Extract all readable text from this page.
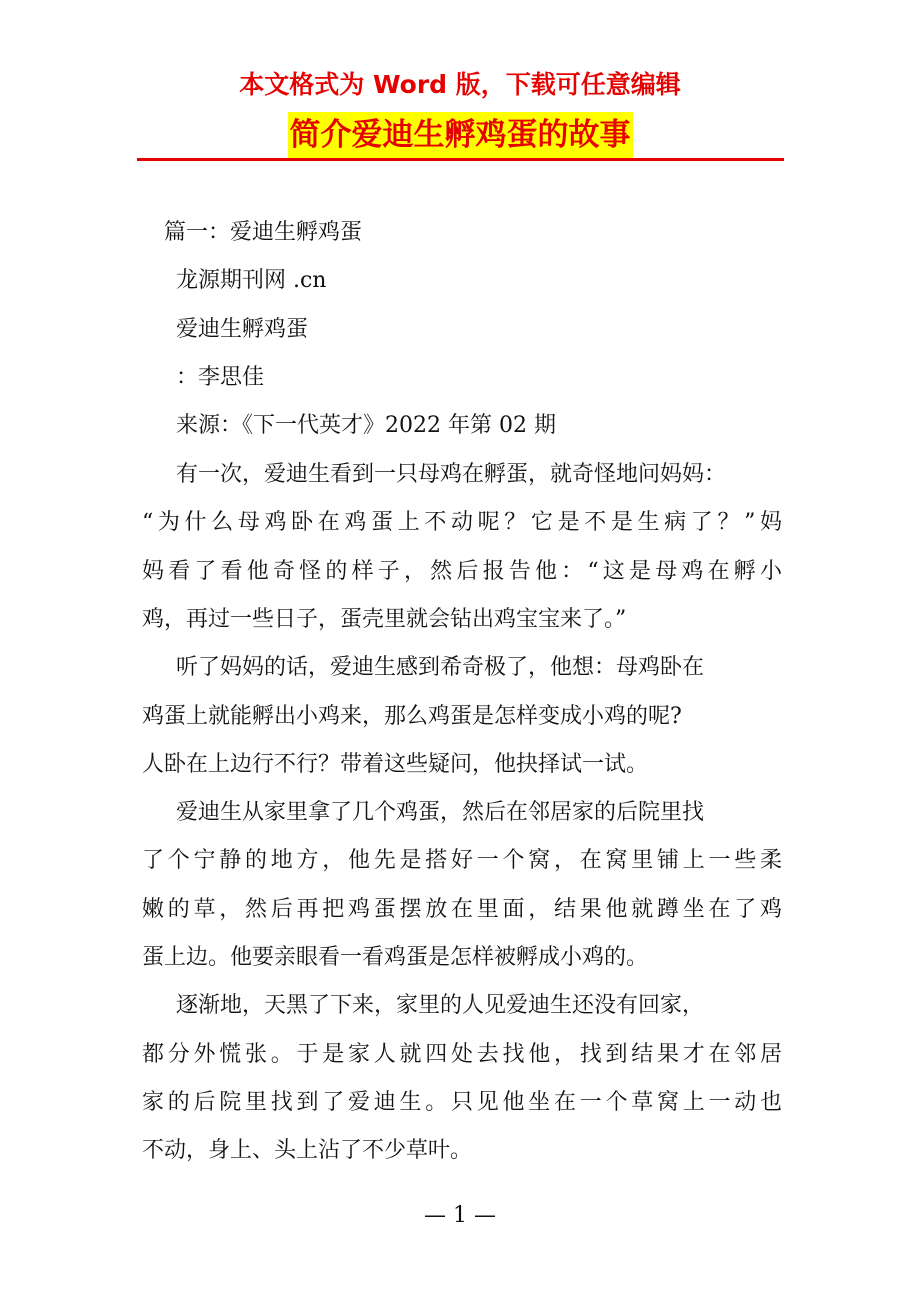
本文格式为 Word 版，下载可任意编辑
简介爱迪生孵鸡蛋的故事
篇一：爱迪生孵鸡蛋
龙源期刊网 .cn
爱迪生孵鸡蛋
：李思佳
来源：《下一代英才》2022 年第 02 期
有一次，爱迪生看到一只母鸡在孵蛋，就奇怪地问妈妈：
“为什么母鸡卧在鸡蛋上不动呢？它是不是生病了？”妈
妈看了看他奇怪的样子，然后报告他：“这是母鸡在孵小
鸡，再过一些日子，蛋壳里就会钻出鸡宝宝来了。”
听了妈妈的话，爱迪生感到希奇极了，他想：母鸡卧在
鸡蛋上就能孵出小鸡来，那么鸡蛋是怎样变成小鸡的呢?
人卧在上边行不行？带着这些疑问，他抉择试一试。
爱迪生从家里拿了几个鸡蛋，然后在邻居家的后院里找
了个宁静的地方，他先是搭好一个窝，在窝里铺上一些柔
嫩的草，然后再把鸡蛋摆放在里面，结果他就蹲坐在了鸡
蛋上边。他要亲眼看一看鸡蛋是怎样被孵成小鸡的。
逐渐地，天黑了下来，家里的人见爱迪生还没有回家，
都分外慌张。于是家人就四处去找他，找到结果才在邻居
家的后院里找到了爱迪生。只见他坐在一个草窝上一动也
不动，身上、头上沾了不少草叶。
— 1 —
